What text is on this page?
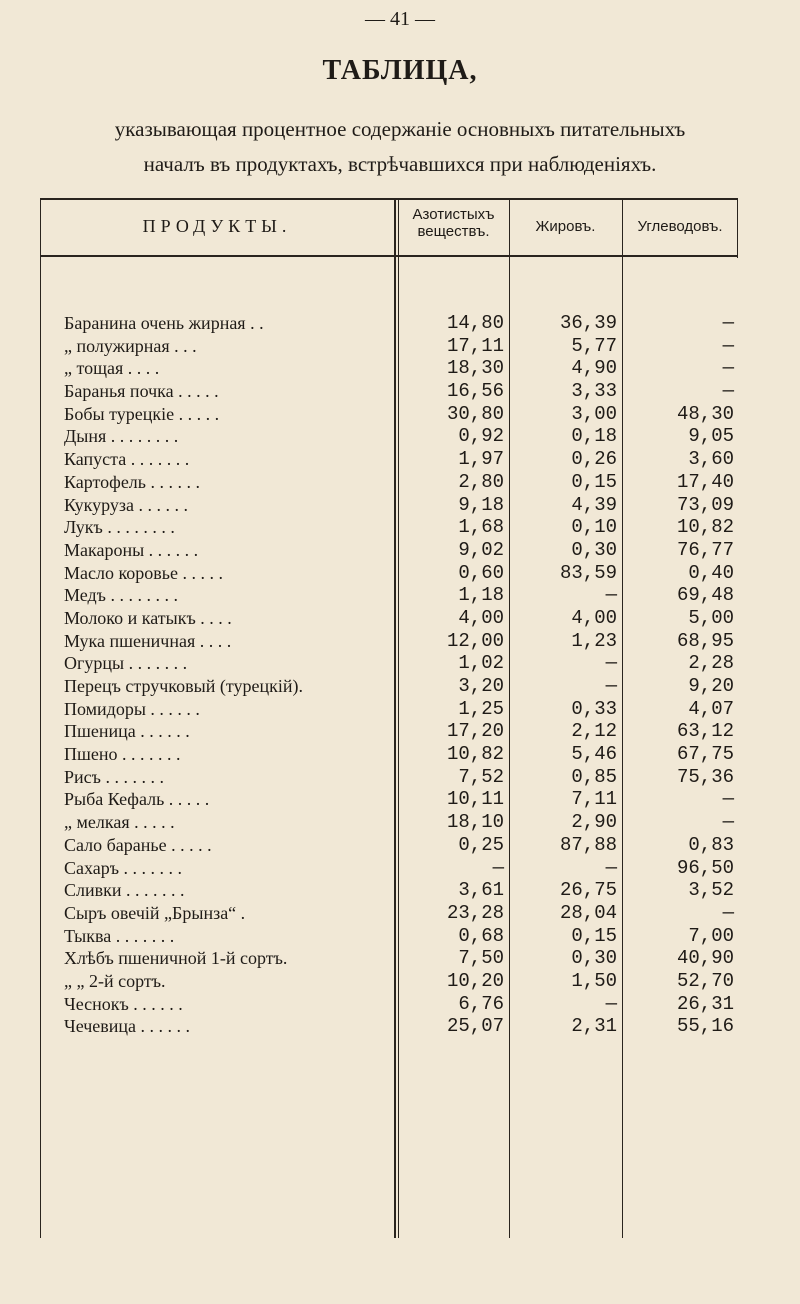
— 41 —
ТАБЛИЦА,
указывающая процентное содержаніе основныхъ питательныхъ
началъ въ продуктахъ, встрѣчавшихся при наблюденіяхъ.
ПРОДУКТЫ.
Азотистыхъ веществъ.	Жировъ.	Углеводовъ.
Баранина очень жирная . .	14,80	36,39	—
„ полужирная . . .	17,11	5,77	—
„ тощая . . . .	18,30	4,90	—
Баранья почка . . . . .	16,56	3,33	—
Бобы турецкіе . . . . .	30,80	3,00	48,30
Дыня . . . . . . . .	0,92	0,18	9,05
Капуста . . . . . . .	1,97	0,26	3,60
Картофель . . . . . .	2,80	0,15	17,40
Кукуруза . . . . . .	9,18	4,39	73,09
Лукъ . . . . . . . .	1,68	0,10	10,82
Макароны . . . . . .	9,02	0,30	76,77
Масло коровье . . . . .	0,60	83,59	0,40
Медъ . . . . . . . .	1,18	—	69,48
Молоко и катыкъ . . . .	4,00	4,00	5,00
Мука пшеничная . . . .	12,00	1,23	68,95
Огурцы . . . . . . .	1,02	—	2,28
Перецъ стручковый (турецкій).	3,20	—	9,20
Помидоры . . . . . .	1,25	0,33	4,07
Пшеница . . . . . .	17,20	2,12	63,12
Пшено . . . . . . .	10,82	5,46	67,75
Рисъ . . . . . . .	7,52	0,85	75,36
Рыба Кефаль . . . . .	10,11	7,11	—
„ мелкая . . . . .	18,10	2,90	—
Сало баранье . . . . .	0,25	87,88	0,83
Сахаръ . . . . . . .	—	—	96,50
Сливки . . . . . . .	3,61	26,75	3,52
Сыръ овечій „Брынза“ .	23,28	28,04	—
Тыква . . . . . . .	0,68	0,15	7,00
Хлѣбъ пшеничной 1-й сортъ.	7,50	0,30	40,90
„ „ 2-й сортъ.	10,20	1,50	52,70
Чеснокъ . . . . . .	6,76	—	26,31
Чечевица . . . . . .	25,07	2,31	55,16
